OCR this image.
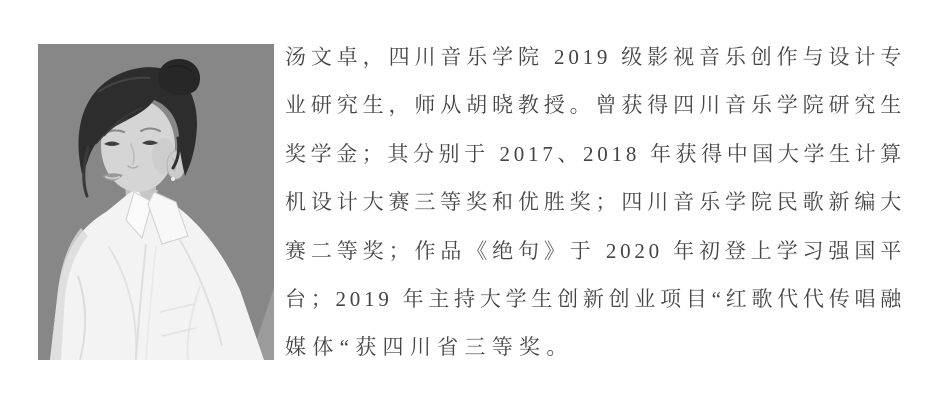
汤文卓，四川音乐学院 2019 级影视音乐创作与设计专
业研究生，师从胡晓教授。曾获得四川音乐学院研究生
奖学金；其分别于 2017、2018 年获得中国大学生计算
机设计大赛三等奖和优胜奖；四川音乐学院民歌新编大
赛二等奖；作品《绝句》于 2020 年初登上学习强国平
台；2019 年主持大学生创新创业项目“红歌代代传唱融
媒体“获四川省三等奖。
